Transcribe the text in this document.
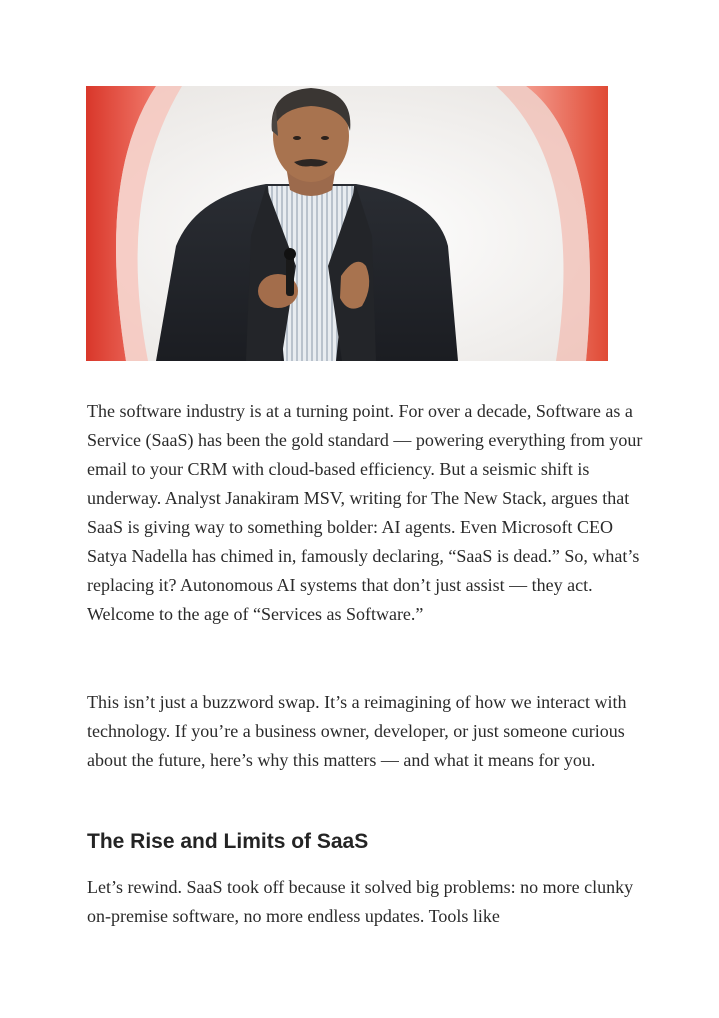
The software industry is at a turning point. For over a decade, Software as a Service (SaaS) has been the gold standard — powering everything from your email to your CRM with cloud-based efficiency. But a seismic shift is underway. Analyst Janakiram MSV, writing for The New Stack, argues that SaaS is giving way to something bolder: AI agents. Even Microsoft CEO Satya Nadella has chimed in, famously declaring, “SaaS is dead.” So, what’s replacing it? Autonomous AI systems that don’t just assist — they act. Welcome to the age of “Services as Software.”

This isn’t just a buzzword swap. It’s a reimagining of how we interact with technology. If you’re a business owner, developer, or just someone curious about the future, here’s why this matters — and what it means for you.

The Rise and Limits of SaaS

Let’s rewind. SaaS took off because it solved big problems: no more clunky on-premise software, no more endless updates. Tools like
